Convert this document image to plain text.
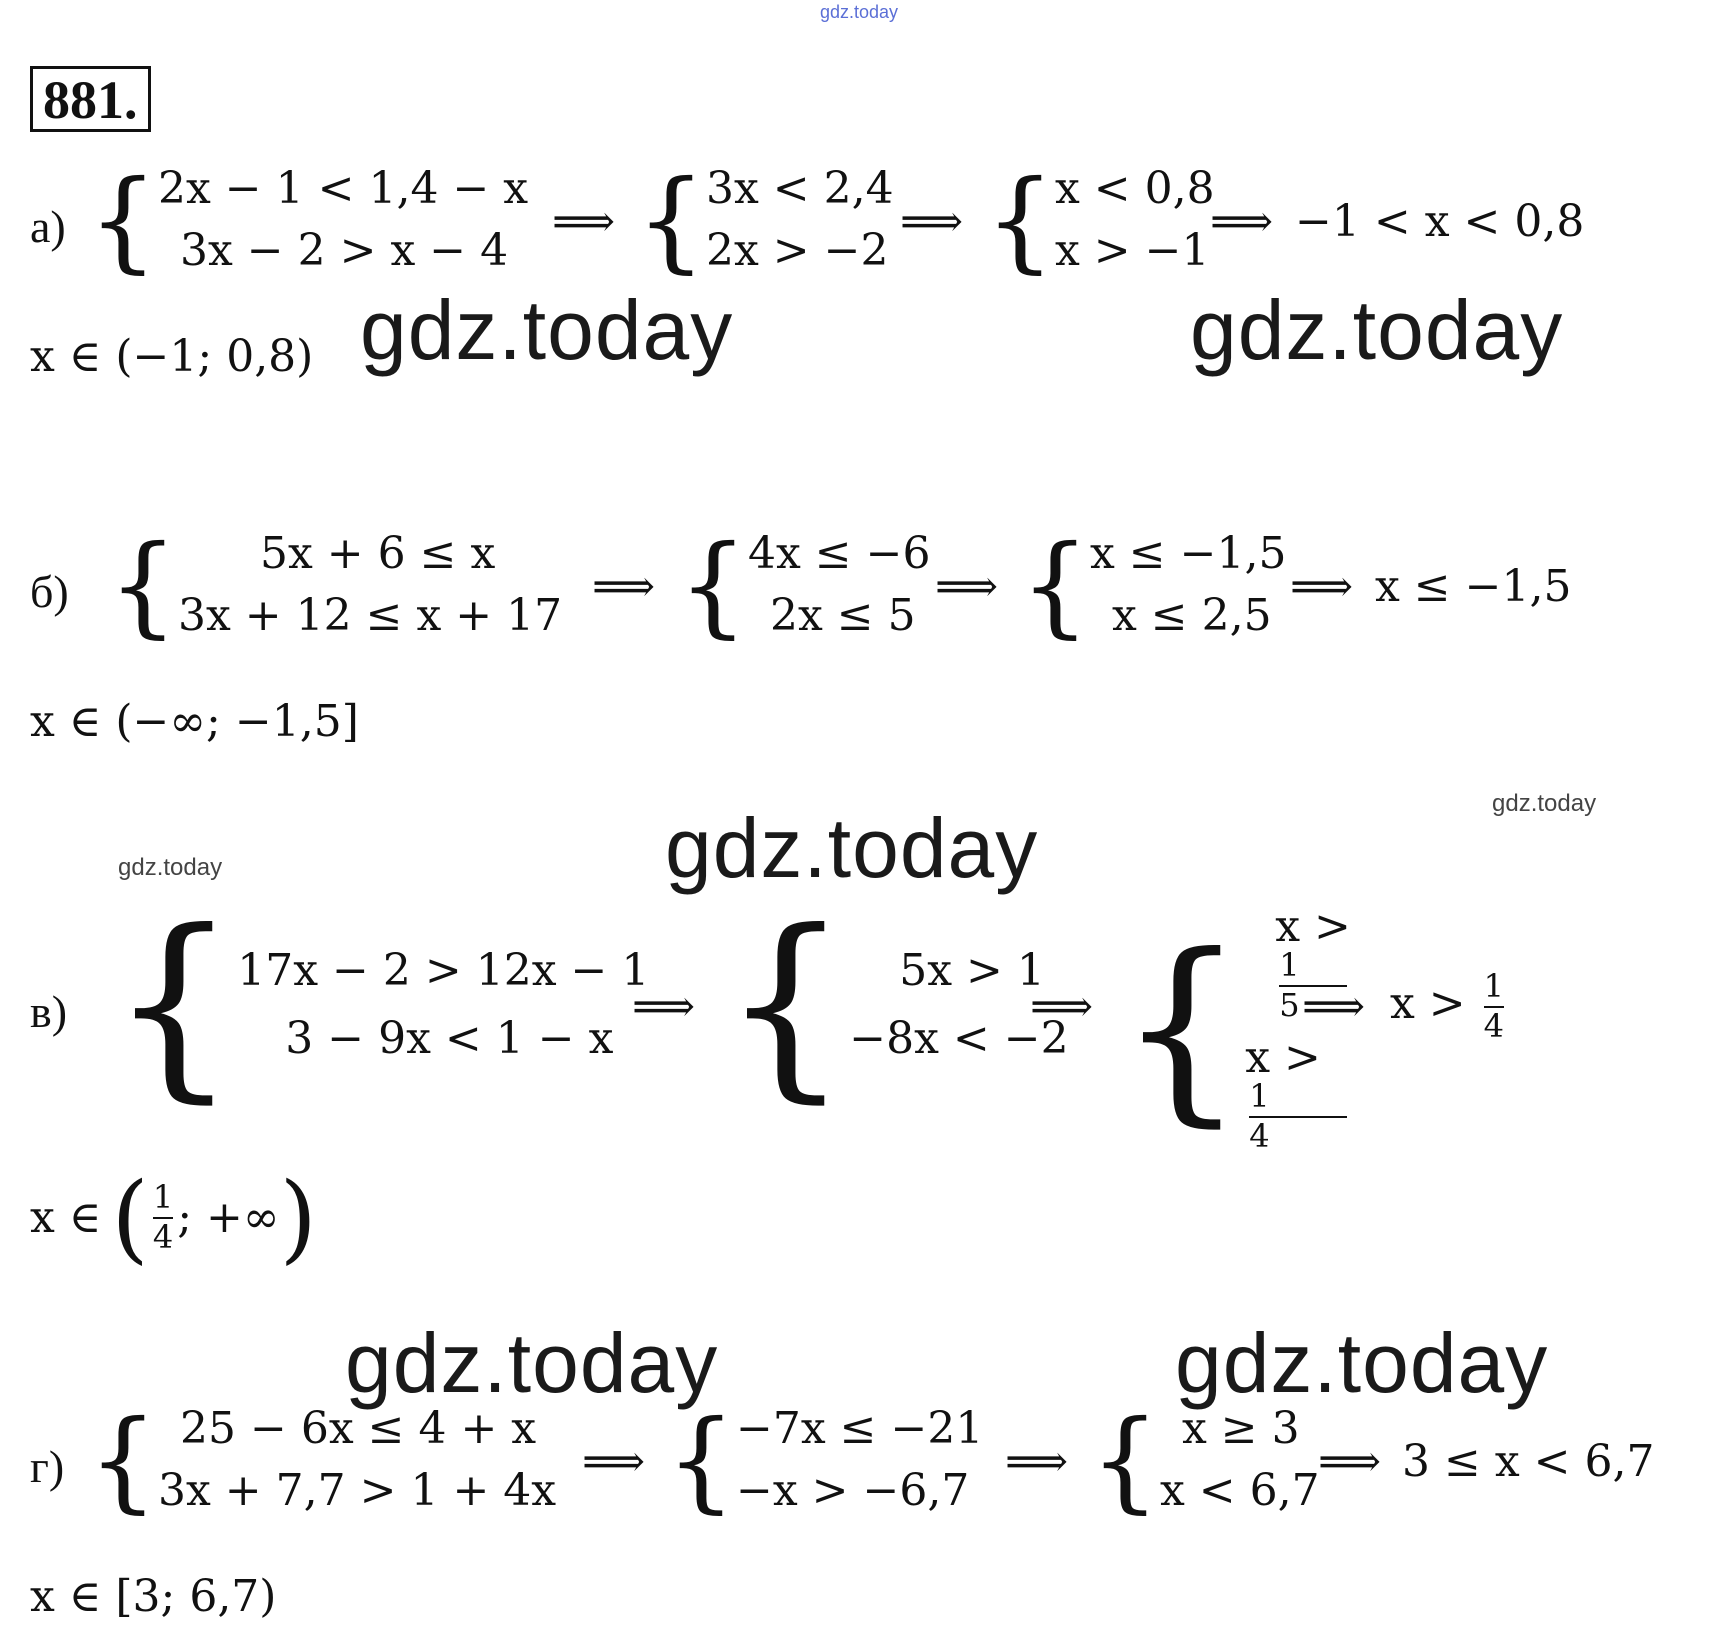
gdz.today
881.
а) { 2x − 1 < 1,4 − x
3x − 2 > x − 4
⟹ { 3x < 2,4
2x > −2
⟹ { x < 0,8
x > −1
⟹ −1 < x < 0,8
x ∈ (−1; 0,8) gdz.today	gdz.today
б) {	5x + 6 ≤ x
3x + 12 ≤ x + 17
⟹ { 4x ≤ −6
2x ≤ 5
⟹ { x ≤ −1,5
x ≤ 2,5
⟹ x ≤ −1,5
x ∈ (−∞; −1,5]
gdz.today	gdz.today
gdz.today
в) { 17x − 2 > 12x − 1
3 − 9x < 1 − x
⟹ {	5x > 1
−8x < −2
⟹ { x >
1
5
x >
1
4
⟹ $x > \frac{1}{4}$
x ∈ ( $\frac{1}{4}$ ; +∞ )
gdz.today	gdz.today
г) { 25 − 6x ≤ 4 + x
3x + 7,7 > 1 + 4x
⟹ { −7x ≤ −21
−x > −6,7
⟹ { x ≥ 3
x < 6,7
⟹ 3 ≤ x < 6,7
x ∈ [3; 6,7)
